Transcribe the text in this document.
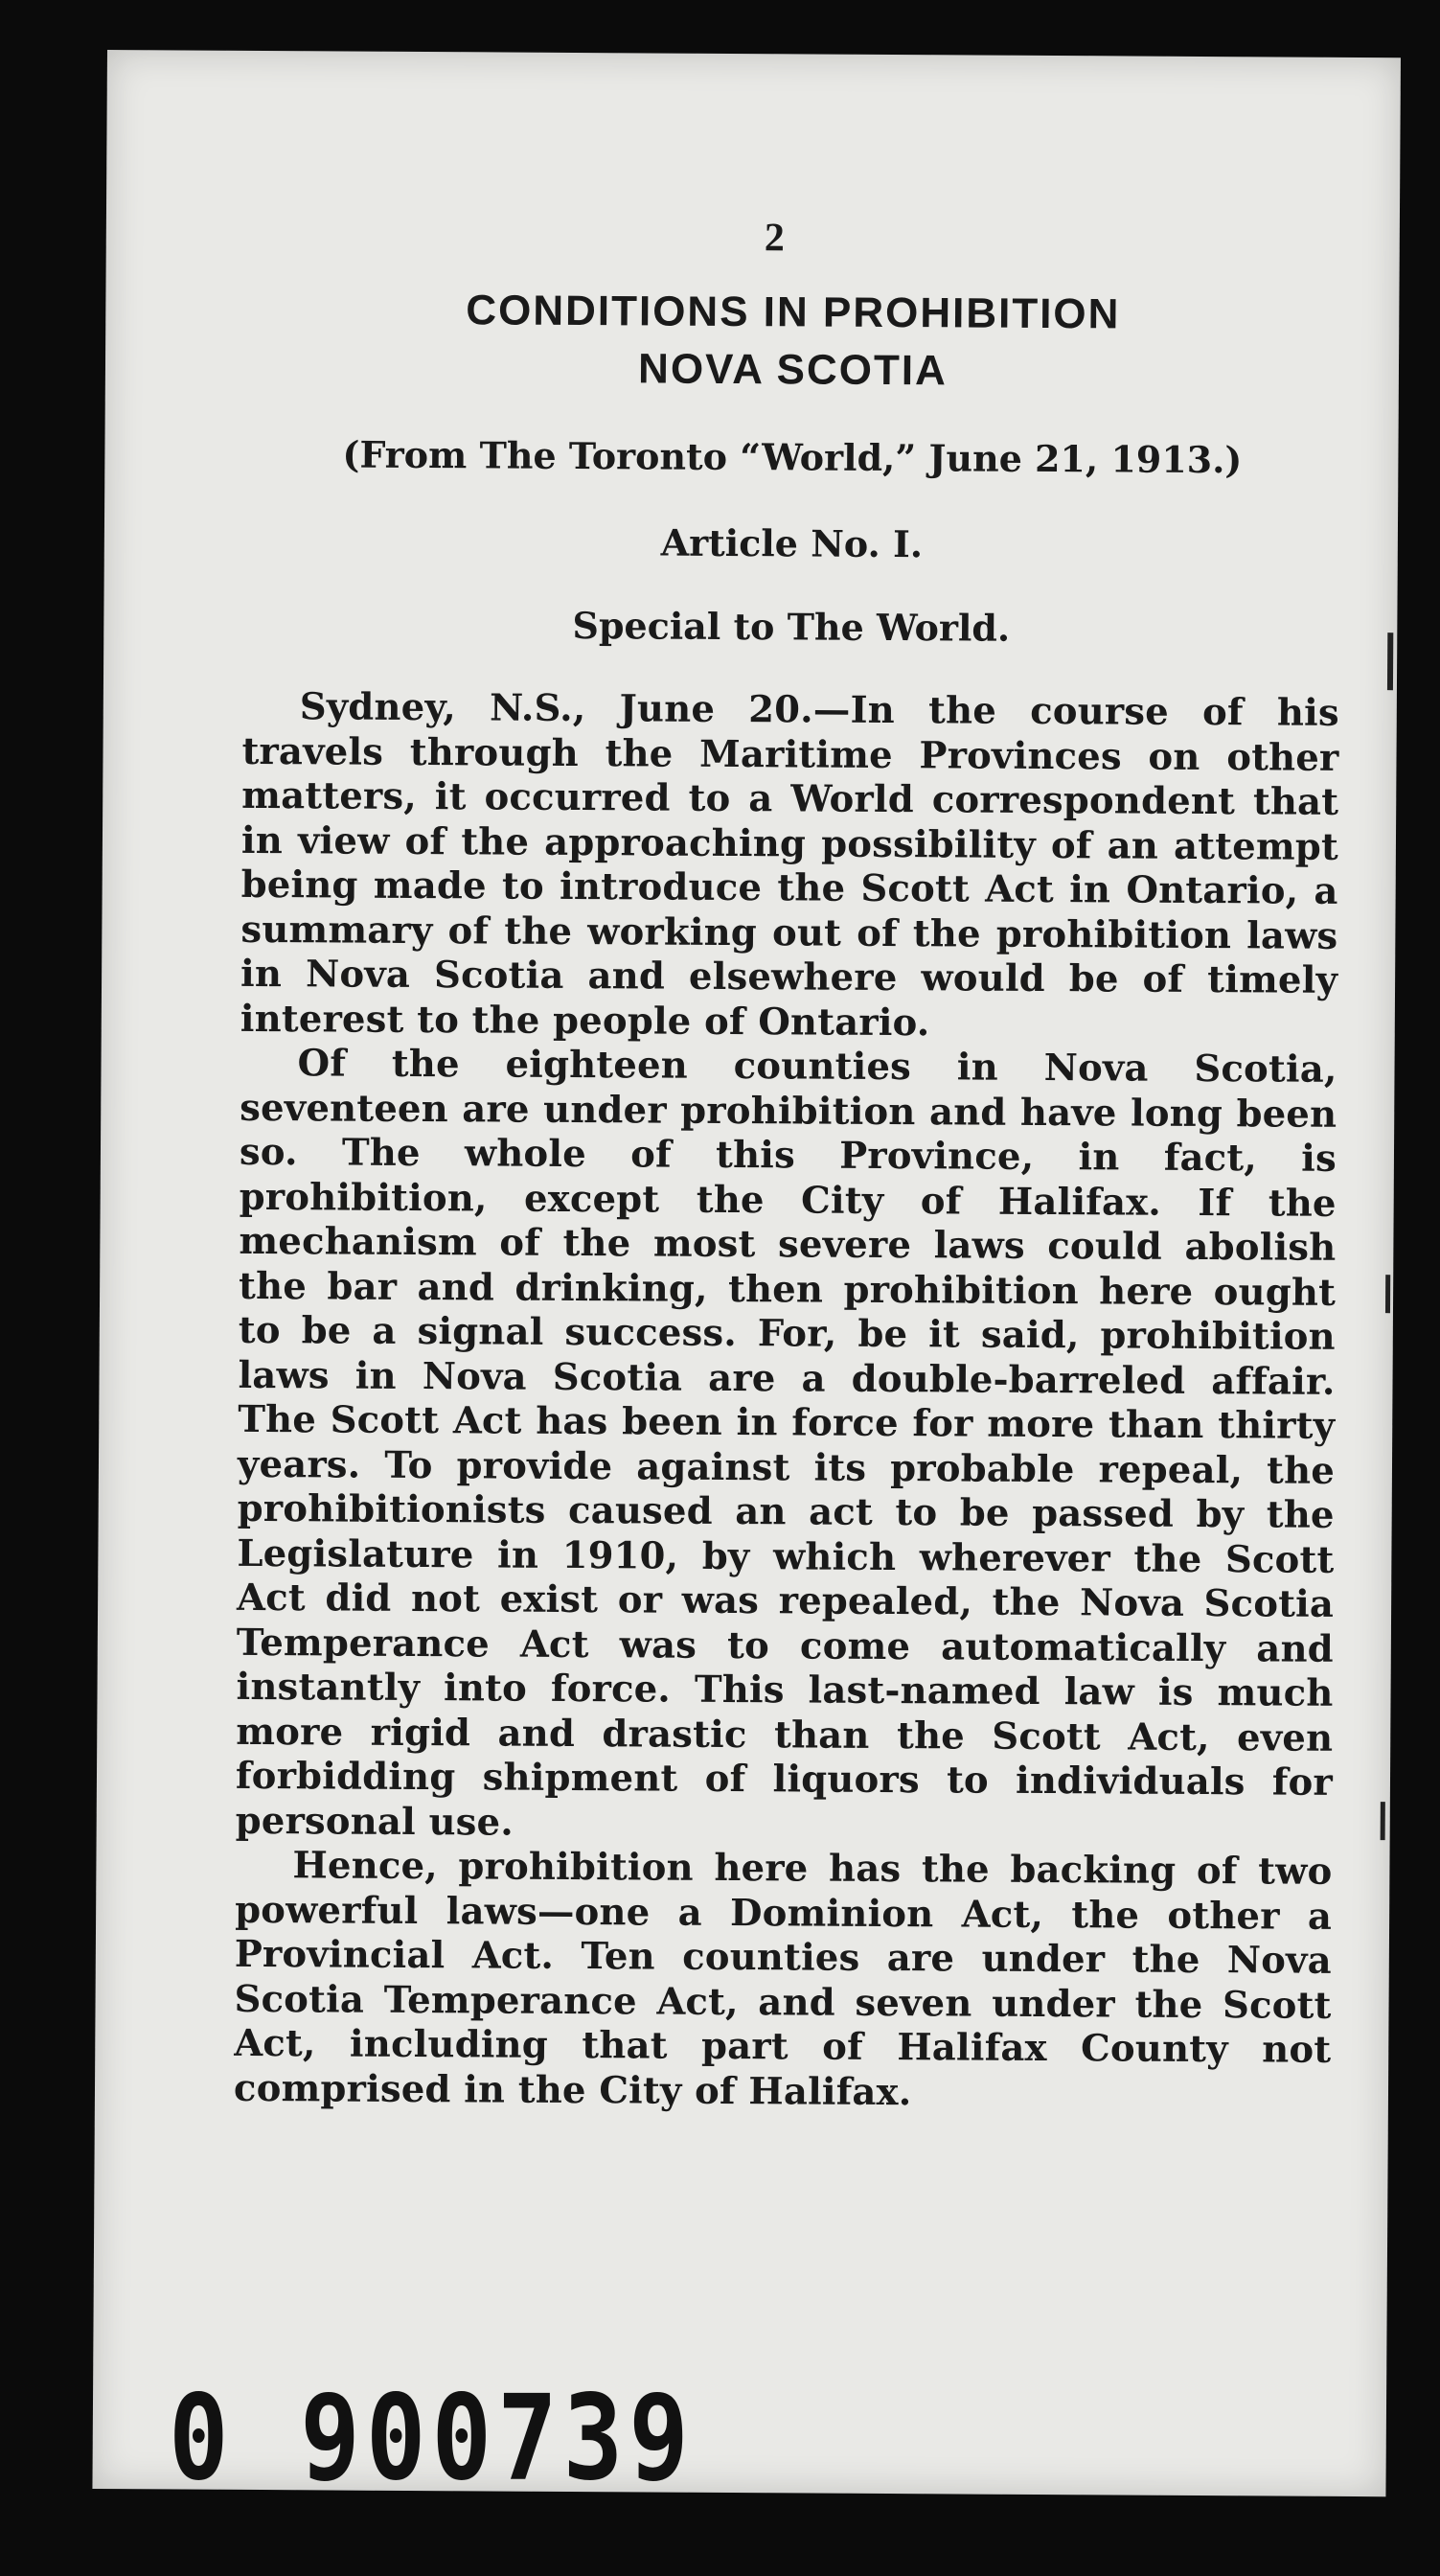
2
CONDITIONS IN PROHIBITION
NOVA SCOTIA
(From The Toronto “World,” June 21, 1913.)
Article No. I.
Special to The World.

Sydney, N.S., June 20.—In the course of his travels through the Maritime Provinces on other matters, it occurred to a World correspondent that in view of the approaching possibility of an attempt being made to introduce the Scott Act in Ontario, a summary of the working out of the prohibition laws in Nova Scotia and elsewhere would be of timely interest to the people of Ontario.

Of the eighteen counties in Nova Scotia, seventeen are under prohibition and have long been so. The whole of this Province, in fact, is prohibition, except the City of Halifax. If the mechanism of the most severe laws could abolish the bar and drinking, then prohibition here ought to be a signal success. For, be it said, prohibition laws in Nova Scotia are a double-barreled affair. The Scott Act has been in force for more than thirty years. To provide against its probable repeal, the prohibitionists caused an act to be passed by the Legislature in 1910, by which wherever the Scott Act did not exist or was repealed, the Nova Scotia Temperance Act was to come automatically and instantly into force. This last-named law is much more rigid and drastic than the Scott Act, even forbidding shipment of liquors to individuals for personal use.

Hence, prohibition here has the backing of two powerful laws—one a Dominion Act, the other a Provincial Act. Ten counties are under the Nova Scotia Temperance Act, and seven under the Scott Act, including that part of Halifax County not comprised in the City of Halifax.

0 900739
